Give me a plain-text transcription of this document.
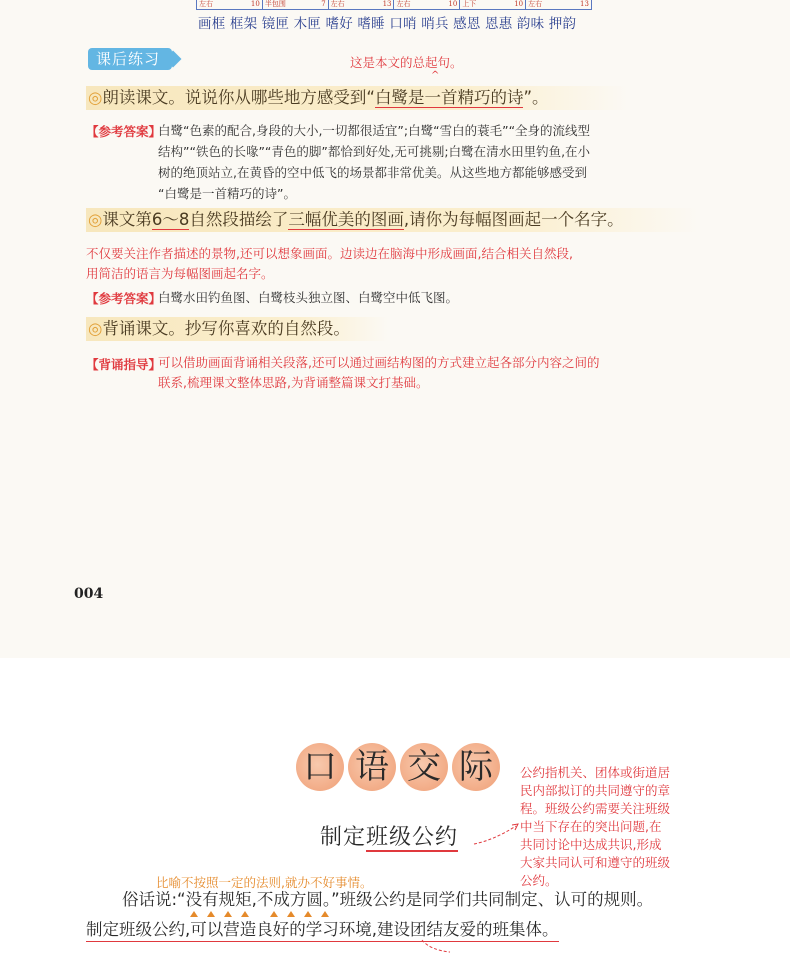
左右	10 半包围	7 左右	13 左右	10 上下	10 左右	13
画框 框架 镜匣 木匣 嗜好 嗜睡 口哨 哨兵 感恩 恩惠 韵味 押韵
课后练习	这是本文的总起句。
^
◎朗读课文。说说你从哪些地方感受到“白鹭是一首精巧的诗”。
【参考答案】
白鹭“色素的配合,身段的大小,一切都很适宜”;白鹭“雪白的蓑毛”“全身的流线型
结构”“铁色的长喙”“青色的脚”都恰到好处,无可挑剔;白鹭在清水田里钓鱼,在小
树的绝顶站立,在黄昏的空中低飞的场景都非常优美。从这些地方都能够感受到
“白鹭是一首精巧的诗”。
◎课文第6～8自然段描绘了三幅优美的图画,请你为每幅图画起一个名字。
不仅要关注作者描述的景物,还可以想象画面。边读边在脑海中形成画面,结合相关自然段,
用简洁的语言为每幅图画起名字。
【参考答案】
白鹭水田钓鱼图、白鹭枝头独立图、白鹭空中低飞图。
◎背诵课文。抄写你喜欢的自然段。
【背诵指导】
可以借助画面背诵相关段落,还可以通过画结构图的方式建立起各部分内容之间的
联系,梳理课文整体思路,为背诵整篇课文打基础。
004
口 语 交 际
制定班级公约
公约指机关、团体或街道居
民内部拟订的共同遵守的章
程。班级公约需要关注班级
中当下存在的突出问题,在
共同讨论中达成共识,形成
大家共同认可和遵守的班级
公约。
比喻不按照一定的法则,就办不好事情。
俗话说:“没有规矩,不成方圆
。”班级公约是同学们共同制定、认可的规则。
制定班级公约,可以营造良好的学习环境,建设团结友爱的班集体。
